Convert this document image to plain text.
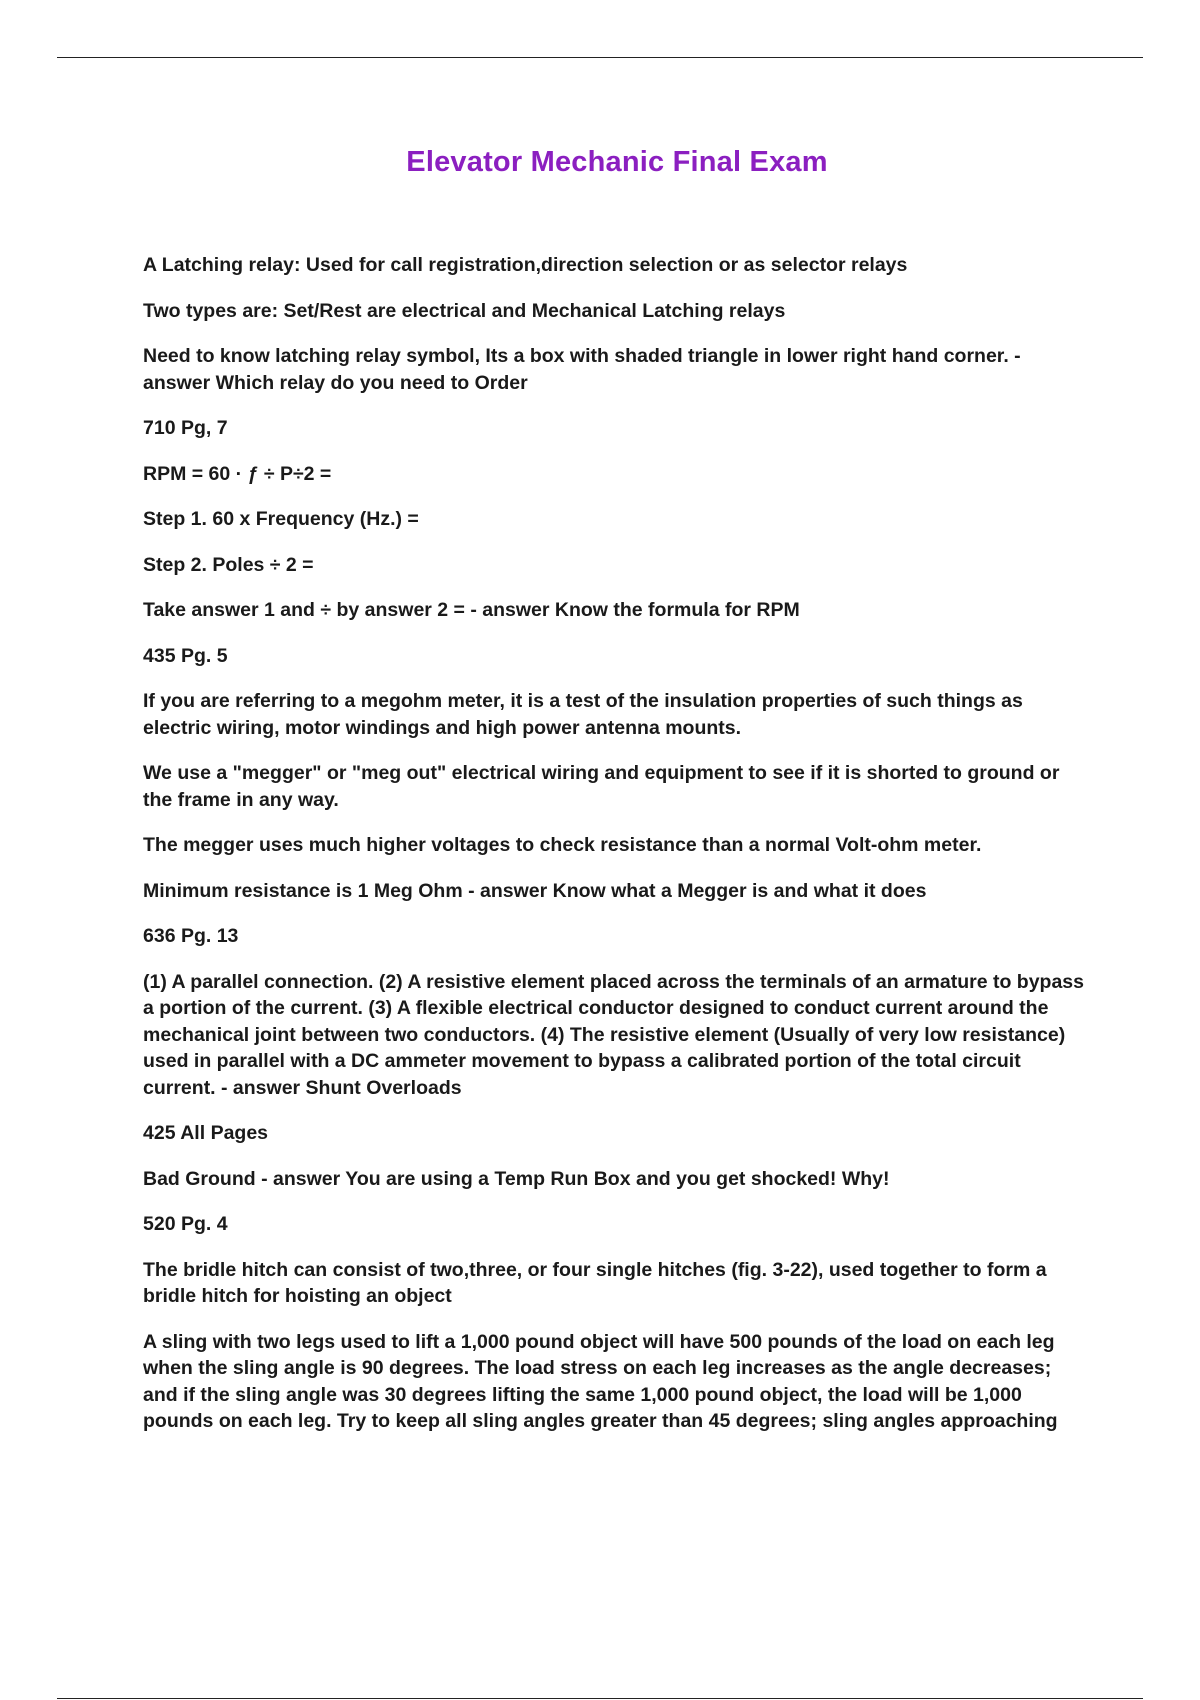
Elevator Mechanic Final Exam

A Latching relay: Used for call registration,direction selection or as selector relays

Two types are: Set/Rest are electrical and Mechanical Latching relays

Need to know latching relay symbol, Its a box with shaded triangle in lower right hand corner. - answer Which relay do you need to Order

710 Pg, 7

RPM = 60 · ƒ ÷ P÷2 =

Step 1. 60 x Frequency (Hz.) =

Step 2. Poles ÷ 2 =

Take answer 1 and ÷ by answer 2 = - answer Know the formula for RPM

435 Pg. 5

If you are referring to a megohm meter, it is a test of the insulation properties of such things as electric wiring, motor windings and high power antenna mounts.

We use a "megger" or "meg out" electrical wiring and equipment to see if it is shorted to ground or the frame in any way.

The megger uses much higher voltages to check resistance than a normal Volt-ohm meter.

Minimum resistance is 1 Meg Ohm - answer Know what a Megger is and what it does

636 Pg. 13

(1) A parallel connection. (2) A resistive element placed across the terminals of an armature to bypass a portion of the current. (3) A flexible electrical conductor designed to conduct current around the mechanical joint between two conductors. (4) The resistive element (Usually of very low resistance) used in parallel with a DC ammeter movement to bypass a calibrated portion of the total circuit current. - answer Shunt Overloads

425 All Pages

Bad Ground - answer You are using a Temp Run Box and you get shocked! Why!

520 Pg. 4

The bridle hitch can consist of two,three, or four single hitches (fig. 3-22), used together to form a bridle hitch for hoisting an object

A sling with two legs used to lift a 1,000 pound object will have 500 pounds of the load on each leg when the sling angle is 90 degrees. The load stress on each leg increases as the angle decreases; and if the sling angle was 30 degrees lifting the same 1,000 pound object, the load will be 1,000 pounds on each leg. Try to keep all sling angles greater than 45 degrees; sling angles approaching
